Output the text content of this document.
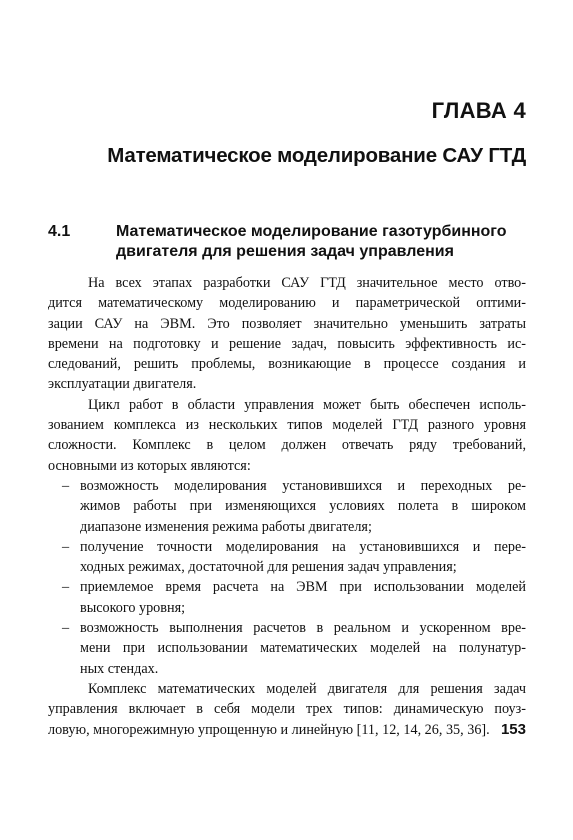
ГЛАВА 4
Математическое моделирование САУ ГТД
4.1	Математическое моделирование газотурбинного
двигателя для решения задач управления

На всех этапах разработки САУ ГТД значительное место отво-
дится математическому моделированию и параметрической оптими-
зации САУ на ЭВМ. Это позволяет значительно уменьшить затраты
времени на подготовку и решение задач, повысить эффективность ис-
следований, решить проблемы, возникающие в процессе создания и
эксплуатации двигателя.

Цикл работ в области управления может быть обеспечен исполь-
зованием комплекса из нескольких типов моделей ГТД разного уровня
сложности. Комплекс в целом должен отвечать ряду требований,
основными из которых являются:

– возможность моделирования установившихся и переходных ре-
жимов работы при изменяющихся условиях полета в широком
диапазоне изменения режима работы двигателя;
– получение точности моделирования на установившихся и пере-
ходных режимах, достаточной для решения задач управления;
– приемлемое время расчета на ЭВМ при использовании моделей
высокого уровня;
– возможность выполнения расчетов в реальном и ускоренном вре-
мени при использовании математических моделей на полунатур-
ных стендах.

Комплекс математических моделей двигателя для решения задач
управления включает в себя модели трех типов: динамическую поуз-
ловую, многорежимную упрощенную и линейную [11, 12, 14, 26, 35, 36]. 153
